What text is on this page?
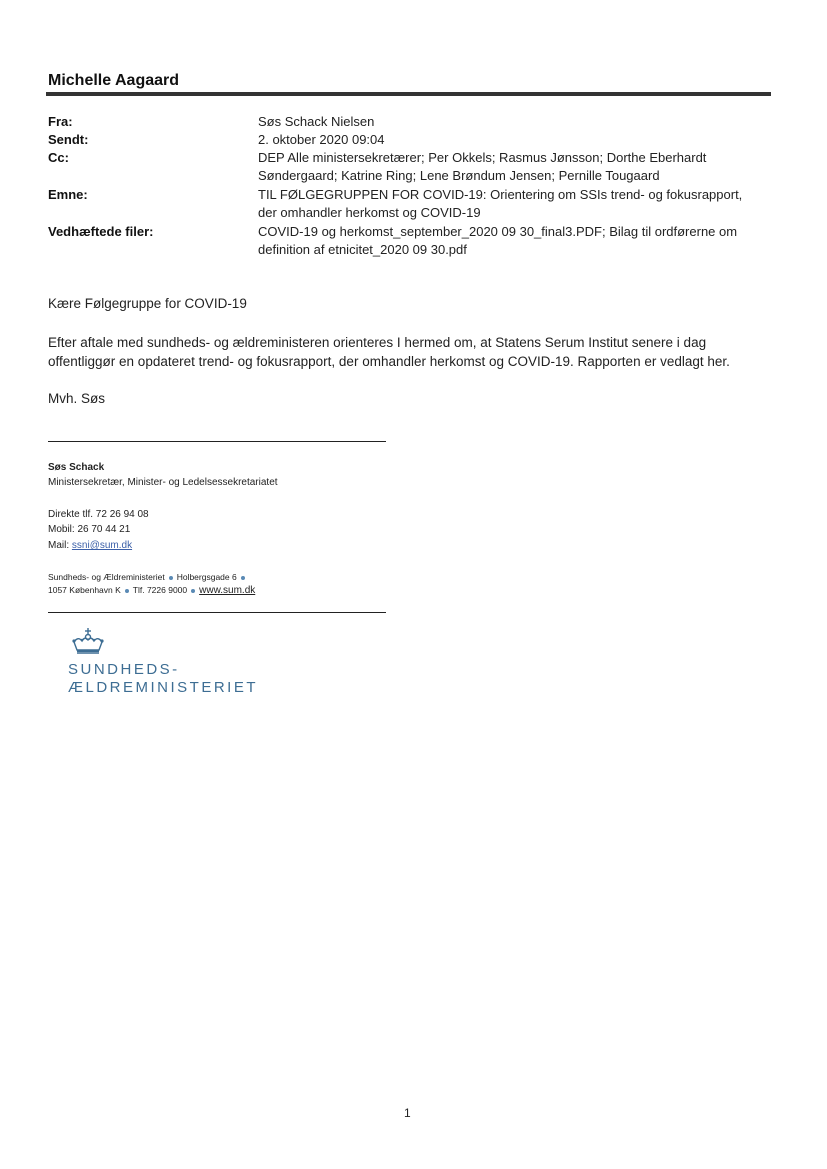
Michelle Aagaard
Fra:	Søs Schack Nielsen
Sendt:	2. oktober 2020 09:04
Cc:	DEP Alle ministersekretærer; Per Okkels; Rasmus Jønsson; Dorthe Eberhardt
Søndergaard; Katrine Ring; Lene Brøndum Jensen; Pernille Tougaard
Emne:	TIL FØLGEGRUPPEN FOR COVID-19: Orientering om SSIs trend- og fokusrapport,
der omhandler herkomst og COVID-19
Vedhæftede filer:	COVID-19 og herkomst_september_2020 09 30_final3.PDF; Bilag til ordførerne om
definition af etnicitet_2020 09 30.pdf
Kære Følgegruppe for COVID-19
Efter aftale med sundheds- og ældreministeren orienteres I hermed om, at Statens Serum Institut senere i dag offentliggør en opdateret trend- og fokusrapport, der omhandler herkomst og COVID-19. Rapporten er vedlagt her.
Mvh. Søs
Søs Schack
Ministersekretær, Minister- og Ledelsessekretariatet
Direkte tlf. 72 26 94 08
Mobil: 26 70 44 21
Mail: ssni@sum.dk
Sundheds- og Ældreministeriet Holbergsgade 6
1057 København K Tlf. 7226 9000 www.sum.dk
SUNDHEDS-
ÆLDREMINISTERIET
1
